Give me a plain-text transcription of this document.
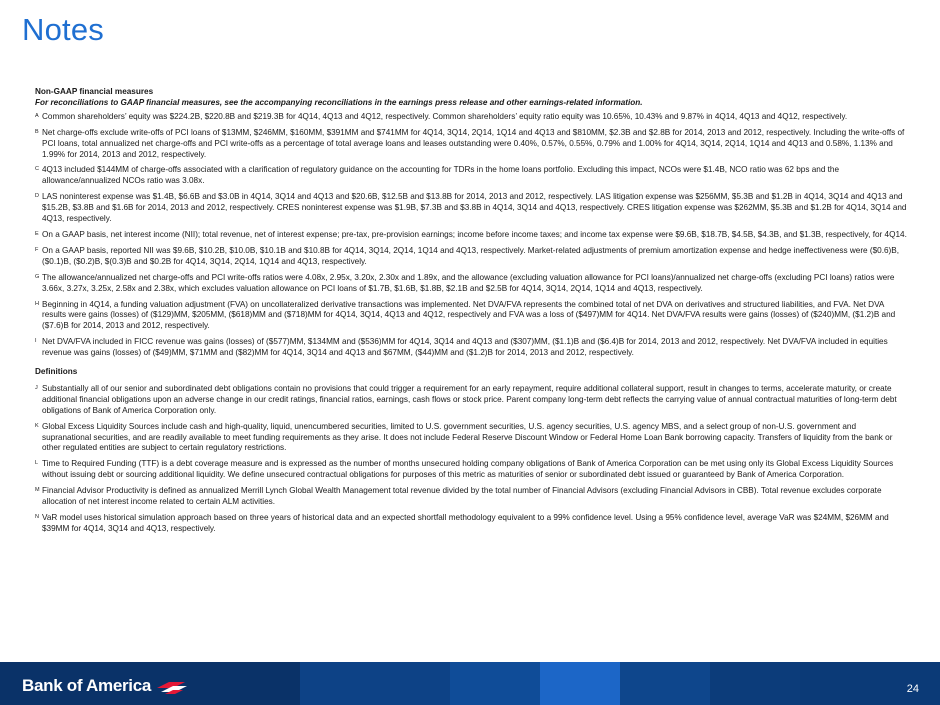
Notes

Non-GAAP financial measures

For reconciliations to GAAP financial measures, see the accompanying reconciliations in the earnings press release and other earnings-related information.

A Common shareholders’ equity was $224.2B, $220.8B and $219.3B for 4Q14, 4Q13 and 4Q12, respectively. Common shareholders’ equity ratio equity was 10.65%, 10.43% and 9.87% in 4Q14, 4Q13 and 4Q12, respectively.

B Net charge-offs exclude write-offs of PCI loans of $13MM, $246MM, $160MM, $391MM and $741MM for 4Q14, 3Q14, 2Q14, 1Q14 and 4Q13 and $810MM, $2.3B and $2.8B for 2014, 2013 and 2012, respectively. Including the write-offs of PCI loans, total annualized net charge-offs and PCI write-offs as a percentage of total average loans and leases outstanding were 0.40%, 0.57%, 0.55%, 0.79% and 1.00% for 4Q14, 3Q14, 2Q14, 1Q14 and 4Q13 and 0.58%, 1.13% and 1.99% for 2014, 2013 and 2012, respectively.

C 4Q13 included $144MM of charge-offs associated with a clarification of regulatory guidance on the accounting for TDRs in the home loans portfolio. Excluding this impact, NCOs were $1.4B, NCO ratio was 62 bps and the allowance/annualized NCOs ratio was 3.08x.

D LAS noninterest expense was $1.4B, $6.6B and $3.0B in 4Q14, 3Q14 and 4Q13 and $20.6B, $12.5B and $13.8B for 2014, 2013 and 2012, respectively. LAS litigation expense was $256MM, $5.3B and $1.2B in 4Q14, 3Q14 and 4Q13 and $15.2B, $3.8B and $1.6B for 2014, 2013 and 2012, respectively. CRES noninterest expense was $1.9B, $7.3B and $3.8B in 4Q14, 3Q14 and 4Q13, respectively. CRES litigation expense was $262MM, $5.3B and $1.2B for 4Q14, 3Q14 and 4Q13, respectively.

E On a GAAP basis, net interest income (NII); total revenue, net of interest expense; pre-tax, pre-provision earnings; income before income taxes; and income tax expense were $9.6B, $18.7B, $4.5B, $4.3B, and $1.3B, respectively, for 4Q14.

F On a GAAP basis, reported NII was $9.6B, $10.2B, $10.0B, $10.1B and $10.8B for 4Q14, 3Q14, 2Q14, 1Q14 and 4Q13, respectively. Market-related adjustments of premium amortization expense and hedge ineffectiveness were ($0.6)B, ($0.1)B, ($0.2)B, $(0.3)B and $0.2B for 4Q14, 3Q14, 2Q14, 1Q14 and 4Q13, respectively.

G The allowance/annualized net charge-offs and PCI write-offs ratios were 4.08x, 2.95x, 3.20x, 2.30x and 1.89x, and the allowance (excluding valuation allowance for PCI loans)/annualized net charge-offs (excluding PCI loans) ratios were 3.66x, 3.27x, 3.25x, 2.58x and 2.38x, which excludes valuation allowance on PCI loans of $1.7B, $1.6B, $1.8B, $2.1B and $2.5B for 4Q14, 3Q14, 2Q14, 1Q14 and 4Q13, respectively.

H Beginning in 4Q14, a funding valuation adjustment (FVA) on uncollateralized derivative transactions was implemented. Net DVA/FVA represents the combined total of net DVA on derivatives and structured liabilities, and FVA. Net DVA results were gains (losses) of ($129)MM, $205MM, ($618)MM and ($718)MM for 4Q14, 3Q14, 4Q13 and 4Q12, respectively and FVA was a loss of ($497)MM for 4Q14. Net DVA/FVA results were gains (losses) of ($240)MM, ($1.2)B and ($7.6)B for 2014, 2013 and 2012, respectively.

I Net DVA/FVA included in FICC revenue was gains (losses) of ($577)MM, $134MM and ($536)MM for 4Q14, 3Q14 and 4Q13 and ($307)MM, ($1.1)B and ($6.4)B for 2014, 2013 and 2012, respectively. Net DVA/FVA included in equities revenue was gains (losses) of ($49)MM, $71MM and ($82)MM for 4Q14, 3Q14 and 4Q13 and $67MM, ($44)MM and ($1.2)B for 2014, 2013 and 2012, respectively.

Definitions

J Substantially all of our senior and subordinated debt obligations contain no provisions that could trigger a requirement for an early repayment, require additional collateral support, result in changes to terms, accelerate maturity, or create additional financial obligations upon an adverse change in our credit ratings, financial ratios, earnings, cash flows or stock price. Parent company long-term debt reflects the carrying value of annual contractual maturities of long-term debt obligations of Bank of America Corporation only.

K Global Excess Liquidity Sources include cash and high-quality, liquid, unencumbered securities, limited to U.S. government securities, U.S. agency securities, U.S. agency MBS, and a select group of non-U.S. government and supranational securities, and are readily available to meet funding requirements as they arise. It does not include Federal Reserve Discount Window or Federal Home Loan Bank borrowing capacity. Transfers of liquidity from the bank or other regulated entities are subject to certain regulatory restrictions.

L Time to Required Funding (TTF) is a debt coverage measure and is expressed as the number of months unsecured holding company obligations of Bank of America Corporation can be met using only its Global Excess Liquidity Sources without issuing debt or sourcing additional liquidity. We define unsecured contractual obligations for purposes of this metric as maturities of senior or subordinated debt issued or guaranteed by Bank of America Corporation.

M Financial Advisor Productivity is defined as annualized Merrill Lynch Global Wealth Management total revenue divided by the total number of Financial Advisors (excluding Financial Advisors in CBB). Total revenue excludes corporate allocation of net interest income related to certain ALM activities.

N VaR model uses historical simulation approach based on three years of historical data and an expected shortfall methodology equivalent to a 99% confidence level. Using a 95% confidence level, average VaR was $24MM, $26MM and $39MM for 4Q14, 3Q14 and 4Q13, respectively.

Bank of America	24
